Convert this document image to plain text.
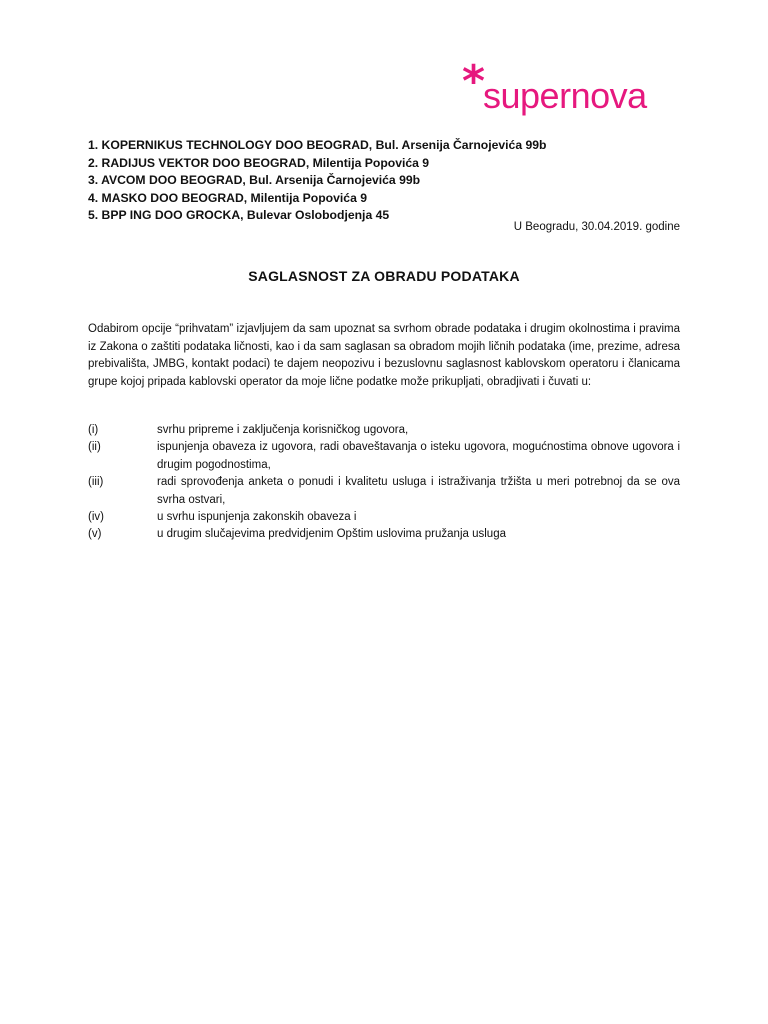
*
supernova
1. KOPERNIKUS TECHNOLOGY DOO BEOGRAD, Bul. Arsenija Čarnojevića 99b
2. RADIJUS VEKTOR DOO BEOGRAD, Milentija Popovića 9
3. AVCOM DOO BEOGRAD, Bul. Arsenija Čarnojevića 99b
4. MASKO DOO BEOGRAD, Milentija Popovića 9
5. BPP ING DOO GROCKA, Bulevar Oslobodjenja 45
U Beogradu, 30.04.2019. godine
SAGLASNOST ZA OBRADU PODATAKA
Odabirom opcije “prihvatam” izjavljujem da sam upoznat sa svrhom obrade podataka i drugim okolnostima i pravima iz Zakona o zaštiti podataka ličnosti, kao i da sam saglasan sa obradom mojih ličnih podataka (ime, prezime, adresa prebivališta, JMBG, kontakt podaci) te dajem neopozivu i bezuslovnu saglasnost kablovskom operatoru i članicama grupe kojoj pripada kablovski operator da moje lične podatke može prikupljati, obradjivati i čuvati u:
(i)	svrhu pripreme i zaključenja korisničkog ugovora,
(ii)	ispunjenja obaveza iz ugovora, radi obaveštavanja o isteku ugovora, mogućnostima obnove ugovora i drugim pogodnostima,
(iii)	radi sprovođenja anketa o ponudi i kvalitetu usluga i istraživanja tržišta u meri potrebnoj da se ova svrha ostvari,
(iv)	u svrhu ispunjenja zakonskih obaveza i
(v)	u drugim slučajevima predvidjenim Opštim uslovima pružanja usluga
